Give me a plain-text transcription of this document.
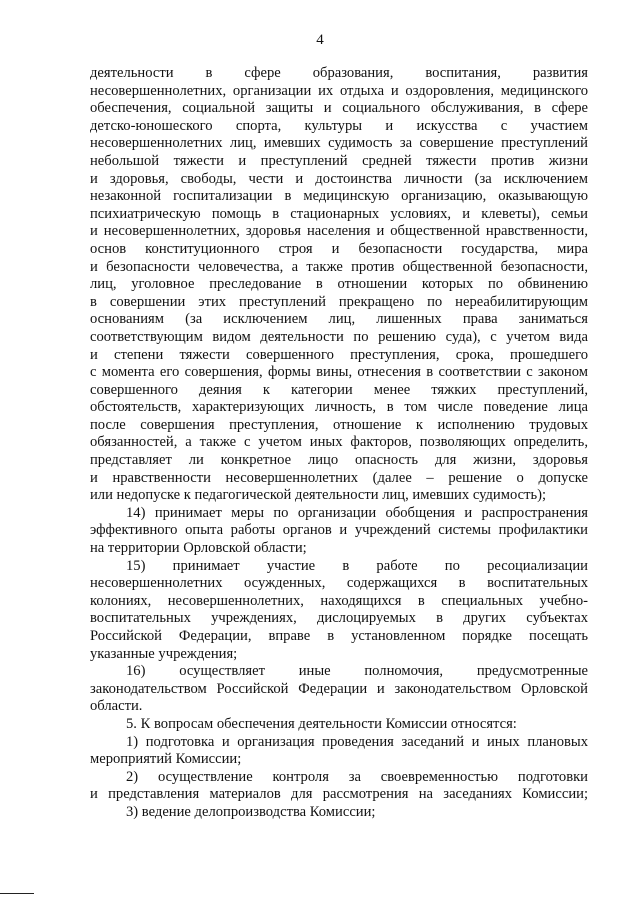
4
деятельности в сфере образования, воспитания, развития
несовершеннолетних, организации их отдыха и оздоровления, медицинского
обеспечения, социальной защиты и социального обслуживания, в сфере
детско-юношеского спорта, культуры и искусства с участием
несовершеннолетних лиц, имевших судимость за совершение преступлений
небольшой тяжести и преступлений средней тяжести против жизни
и здоровья, свободы, чести и достоинства личности (за исключением
незаконной госпитализации в медицинскую организацию, оказывающую
психиатрическую помощь в стационарных условиях, и клеветы), семьи
и несовершеннолетних, здоровья населения и общественной нравственности,
основ конституционного строя и безопасности государства, мира
и безопасности человечества, а также против общественной безопасности,
лиц, уголовное преследование в отношении которых по обвинению
в совершении этих преступлений прекращено по нереабилитирующим
основаниям (за исключением лиц, лишенных права заниматься
соответствующим видом деятельности по решению суда), с учетом вида
и степени тяжести совершенного преступления, срока, прошедшего
с момента его совершения, формы вины, отнесения в соответствии с законом
совершенного деяния к категории менее тяжких преступлений,
обстоятельств, характеризующих личность, в том числе поведение лица
после совершения преступления, отношение к исполнению трудовых
обязанностей, а также с учетом иных факторов, позволяющих определить,
представляет ли конкретное лицо опасность для жизни, здоровья
и нравственности несовершеннолетних (далее – решение о допуске
или недопуске к педагогической деятельности лиц, имевших судимость);
14) принимает меры по организации обобщения и распространения
эффективного опыта работы органов и учреждений системы профилактики
на территории Орловской области;
15) принимает участие в работе по ресоциализации
несовершеннолетних осужденных, содержащихся в воспитательных
колониях, несовершеннолетних, находящихся в специальных учебно-
воспитательных учреждениях, дислоцируемых в других субъектах
Российской Федерации, вправе в установленном порядке посещать
указанные учреждения;
16) осуществляет иные полномочия, предусмотренные
законодательством Российской Федерации и законодательством Орловской
области.
5. К вопросам обеспечения деятельности Комиссии относятся:
1) подготовка и организация проведения заседаний и иных плановых
мероприятий Комиссии;
2) осуществление контроля за своевременностью подготовки
и представления материалов для рассмотрения на заседаниях Комиссии;
3) ведение делопроизводства Комиссии;
